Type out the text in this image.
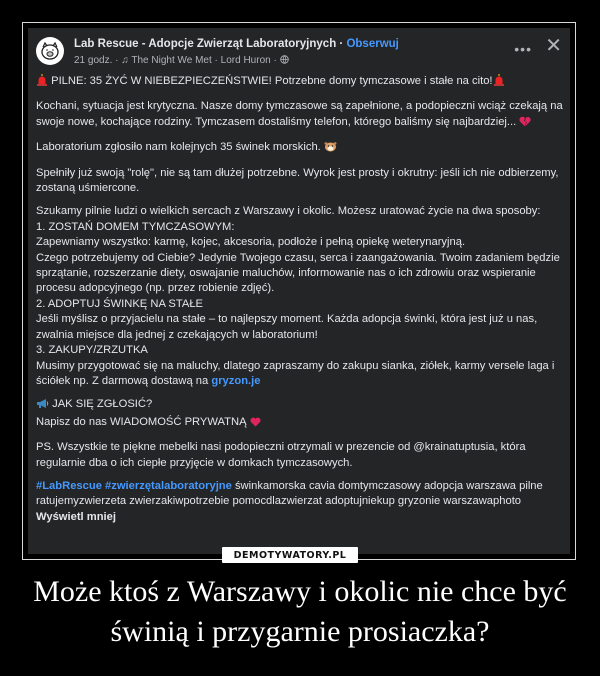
Lab Rescue - Adopcje Zwierząt Laboratoryjnych · Obserwuj
21 godz. · ♫ The Night We Met · Lord Huron ·
••• ✕

PILNE: 35 ŻYĆ W NIEBEZPIECZEŃSTWIE! Potrzebne domy tymczasowe i stałe na cito!

Kochani, sytuacja jest krytyczna. Nasze domy tymczasowe są zapełnione, a podopieczni wciąż czekają na swoje nowe, kochające rodziny. Tymczasem dostaliśmy telefon, którego baliśmy się najbardziej...

Laboratorium zgłosiło nam kolejnych 35 świnek morskich.

Spełniły już swoją "rolę", nie są tam dłużej potrzebne. Wyrok jest prosty i okrutny: jeśli ich nie odbierzemy, zostaną uśmiercone.

Szukamy pilnie ludzi o wielkich sercach z Warszawy i okolic. Możesz uratować życie na dwa sposoby:
1. ZOSTAŃ DOMEM TYMCZASOWYM:
Zapewniamy wszystko: karmę, kojec, akcesoria, podłoże i pełną opiekę weterynaryjną.
Czego potrzebujemy od Ciebie? Jedynie Twojego czasu, serca i zaangażowania. Twoim zadaniem będzie sprzątanie, rozszerzanie diety, oswajanie maluchów, informowanie nas o ich zdrowiu oraz wspieranie procesu adopcyjnego (np. przez robienie zdjęć).
2. ADOPTUJ ŚWINKĘ NA STAŁE
Jeśli myślisz o przyjacielu na stałe – to najlepszy moment. Każda adopcja świnki, która jest już u nas, zwalnia miejsce dla jednej z czekających w laboratorium!
3. ZAKUPY/ZRZUTKA
Musimy przygotować się na maluchy, dlatego zapraszamy do zakupu sianka, ziółek, karmy versele laga i ściółek np. Z darmową dostawą na gryzon.je

JAK SIĘ ZGŁOSIĆ?
Napisz do nas WIADOMOŚĆ PRYWATNĄ

PS. Wszystkie te piękne mebelki nasi podopieczni otrzymali w prezencie od @krainatuptusia, która regularnie dba o ich ciepłe przyjęcie w domkach tymczasowych.

#LabRescue #zwierzętalaboratoryjne świnkamorska cavia domtymczasowy adopcja warszawa pilne ratujemyzwierzeta zwierzakiwpotrzebie pomocdlazwierzat adoptujniekup gryzonie warszawaphoto Wyświetl mniej

DEMOTYWATORY.PL
Może ktoś z Warszawy i okolic nie chce być świnią i przygarnie prosiaczka?
